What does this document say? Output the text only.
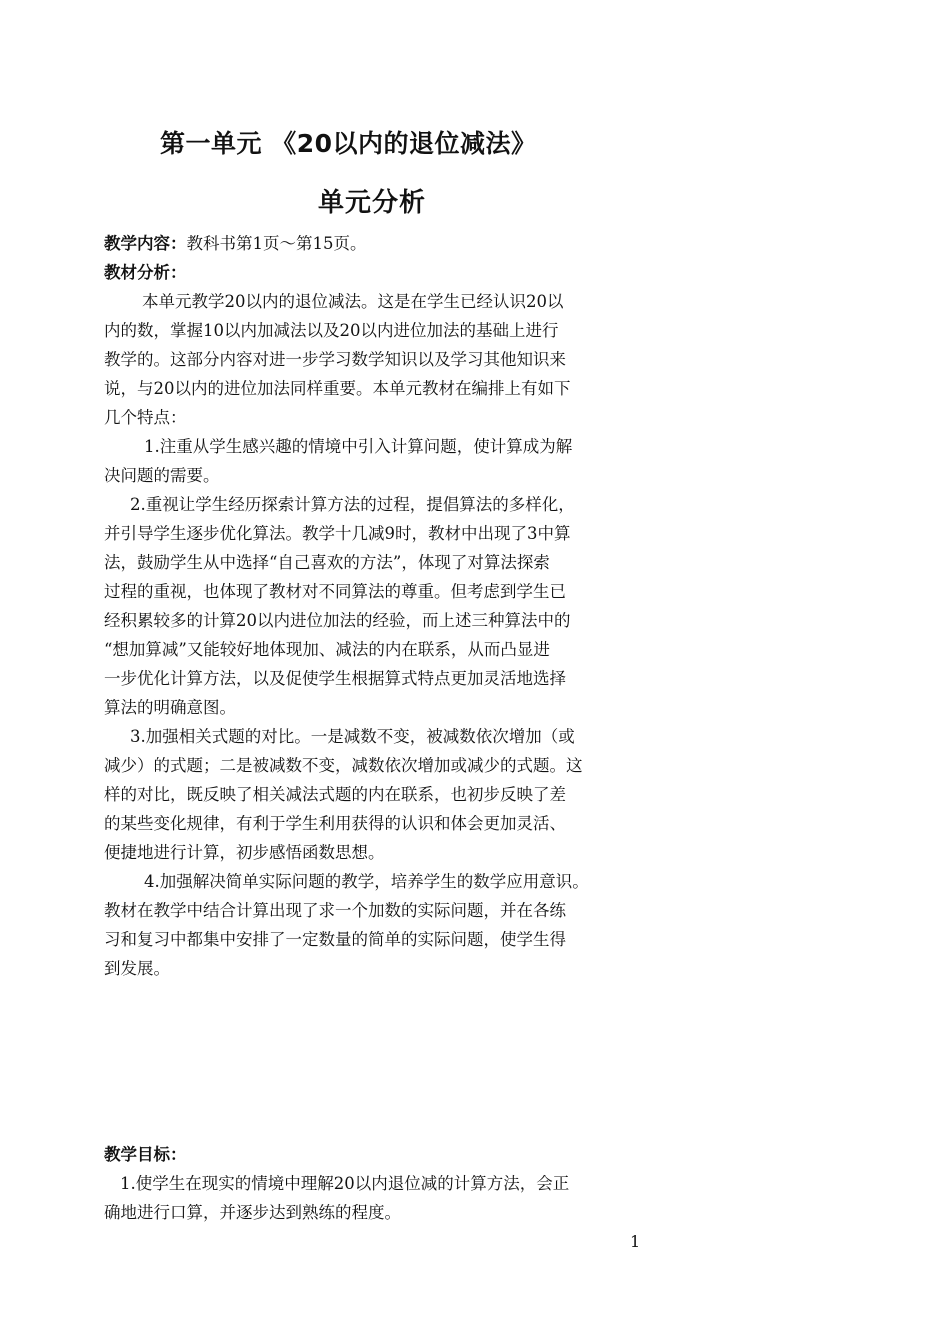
第一单元 《20以内的退位减法》
单元分析
教学内容：教科书第1页～第15页。
教材分析：
本单元教学20以内的退位减法。这是在学生已经认识20以
内的数，掌握10以内加减法以及20以内进位加法的基础上进行
教学的。这部分内容对进一步学习数学知识以及学习其他知识来
说，与20以内的进位加法同样重要。本单元教材在编排上有如下
几个特点：
1.注重从学生感兴趣的情境中引入计算问题，使计算成为解
决问题的需要。
2.重视让学生经历探索计算方法的过程，提倡算法的多样化，
并引导学生逐步优化算法。教学十几减9时，教材中出现了3中算
法，鼓励学生从中选择“自己喜欢的方法”，体现了对算法探索
过程的重视，也体现了教材对不同算法的尊重。但考虑到学生已
经积累较多的计算20以内进位加法的经验，而上述三种算法中的
“想加算减”又能较好地体现加、减法的内在联系，从而凸显进
一步优化计算方法，以及促使学生根据算式特点更加灵活地选择
算法的明确意图。
3.加强相关式题的对比。一是减数不变，被减数依次增加（或
减少）的式题；二是被减数不变，减数依次增加或减少的式题。这
样的对比，既反映了相关减法式题的内在联系，也初步反映了差
的某些变化规律，有利于学生利用获得的认识和体会更加灵活、
便捷地进行计算，初步感悟函数思想。
4.加强解决简单实际问题的教学，培养学生的数学应用意识。
教材在教学中结合计算出现了求一个加数的实际问题，并在各练
习和复习中都集中安排了一定数量的简单的实际问题，使学生得
到发展。
教学目标：
1.使学生在现实的情境中理解20以内退位减的计算方法，会正
确地进行口算，并逐步达到熟练的程度。
1
